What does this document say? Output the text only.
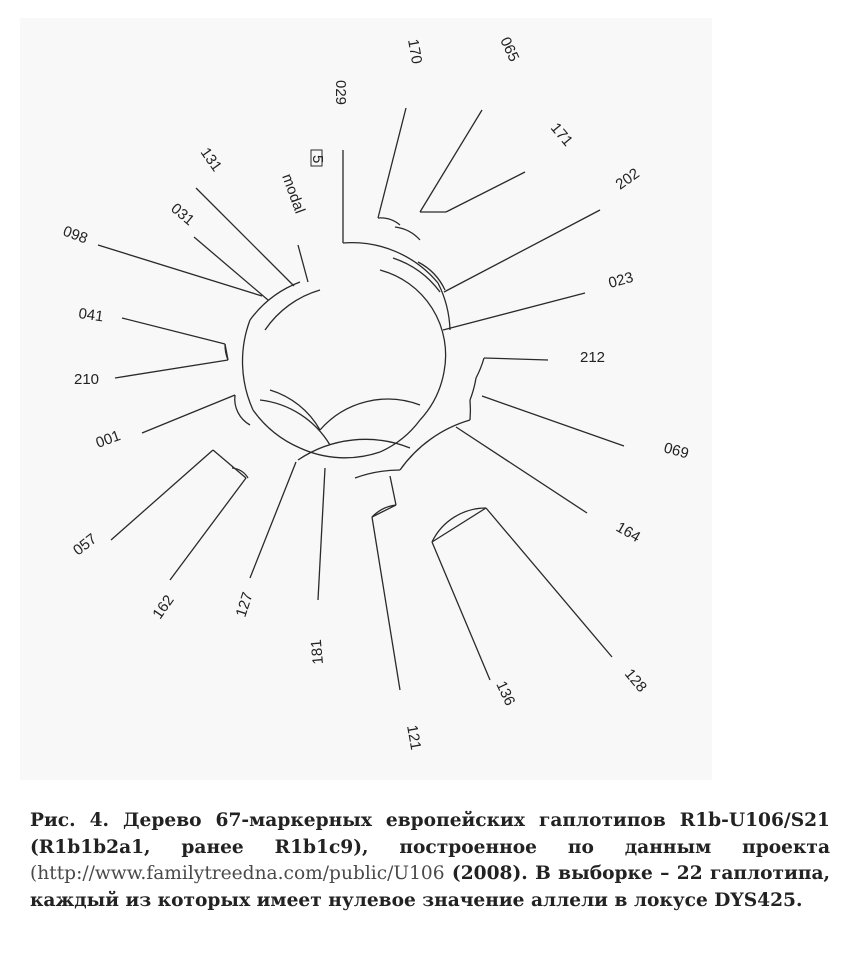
029
170	065
171
202
023
212
069
164
128
136
121
181
127
162
057
001
210
041
098
031
131
modal
5

Рис. 4. Дерево 67-маркерных европейских гаплотипов R1b-U106/S21 (R1b1b2a1, ранее R1b1c9), построенное по данным проекта (http://www.familytreedna.com/public/U106 (2008). В выборке – 22 гаплотипа, каждый из которых имеет нулевое значение аллели в локусе DYS425.
